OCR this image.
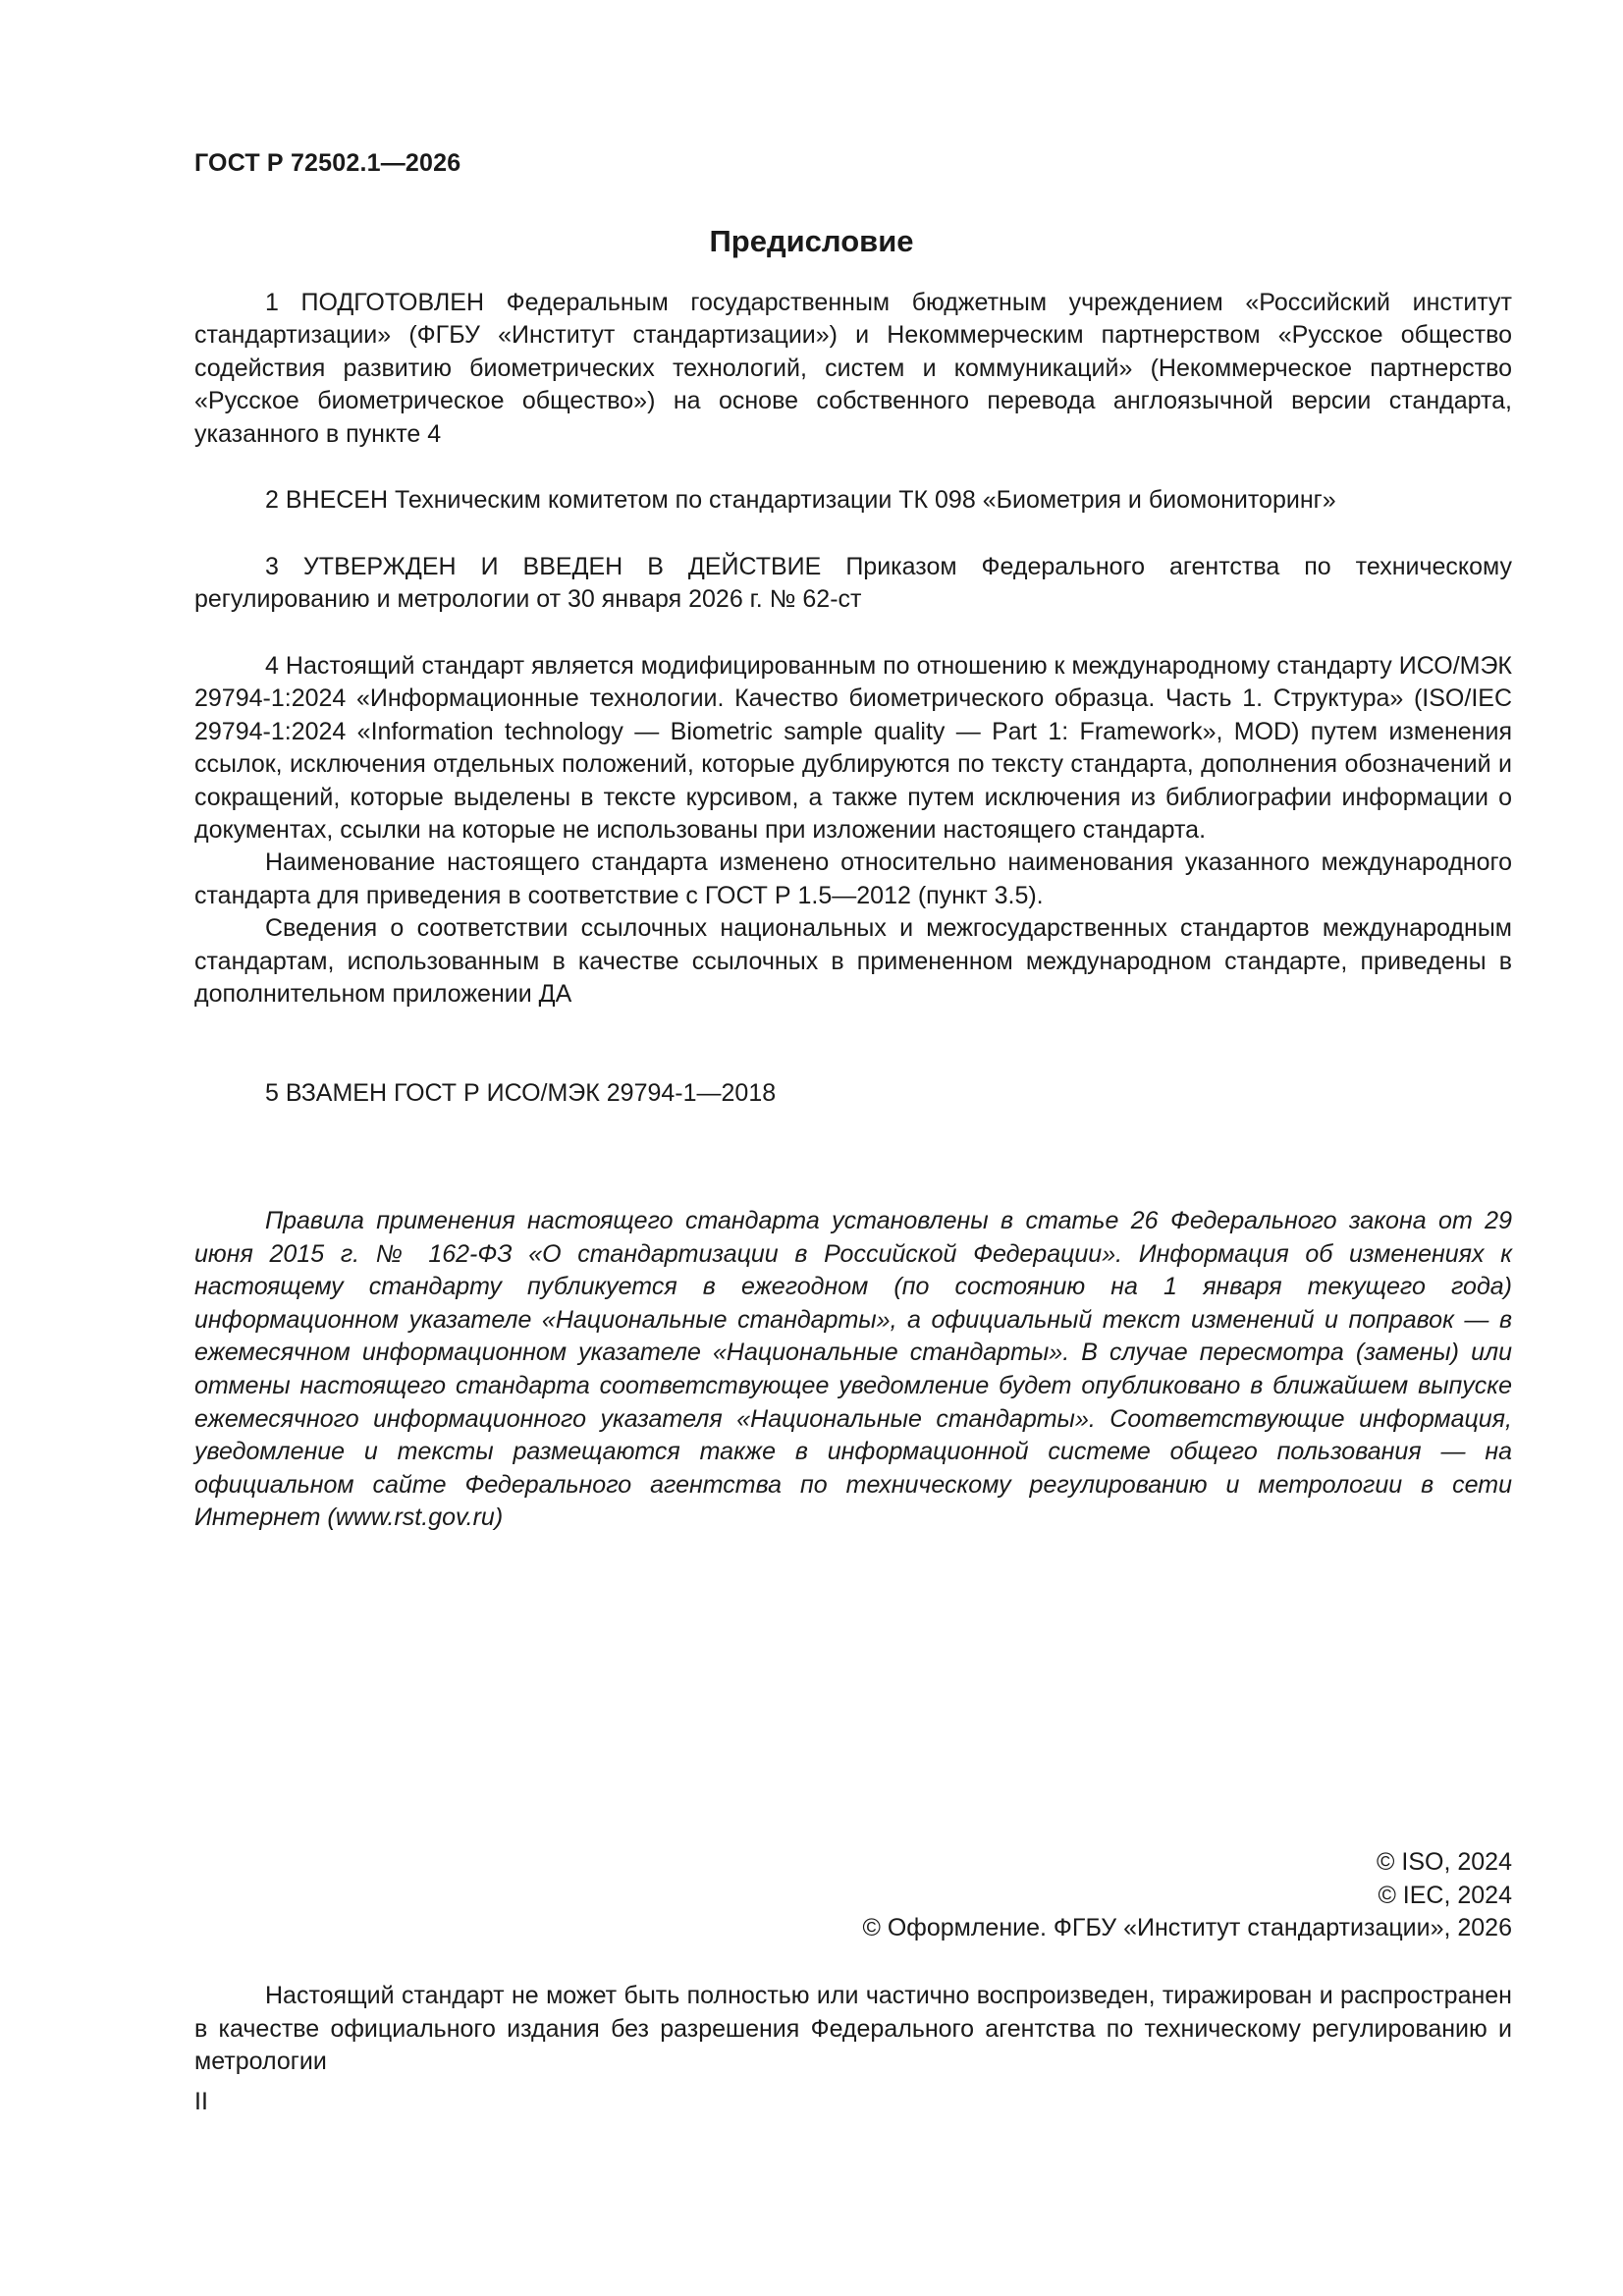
ГОСТ Р 72502.1—2026
Предисловие

1 ПОДГОТОВЛЕН Федеральным государственным бюджетным учреждением «Российский институт стандартизации» (ФГБУ «Институт стандартизации») и Некоммерческим партнерством «Русское общество содействия развитию биометрических технологий, систем и коммуникаций» (Некоммерческое партнерство «Русское биометрическое общество») на основе собственного перевода англоязычной версии стандарта, указанного в пункте 4

2 ВНЕСЕН Техническим комитетом по стандартизации ТК 098 «Биометрия и биомониторинг»

3 УТВЕРЖДЕН И ВВЕДЕН В ДЕЙСТВИЕ Приказом Федерального агентства по техническому регулированию и метрологии от 30 января 2026 г. № 62-ст

4 Настоящий стандарт является модифицированным по отношению к международному стандарту ИСО/МЭК 29794-1:2024 «Информационные технологии. Качество биометрического образца. Часть 1. Структура» (ISO/IEC 29794-1:2024 «Information technology — Biometric sample quality — Part 1: Framework», MOD) путем изменения ссылок, исключения отдельных положений, которые дублируются по тексту стандарта, дополнения обозначений и сокращений, которые выделены в тексте курсивом, а также путем исключения из библиографии информации о документах, ссылки на которые не использованы при изложении настоящего стандарта.

Наименование настоящего стандарта изменено относительно наименования указанного международного стандарта для приведения в соответствие с ГОСТ Р 1.5—2012 (пункт 3.5).

Сведения о соответствии ссылочных национальных и межгосударственных стандартов международным стандартам, использованным в качестве ссылочных в примененном международном стандарте, приведены в дополнительном приложении ДА

5 ВЗАМЕН ГОСТ Р ИСО/МЭК 29794-1—2018

Правила применения настоящего стандарта установлены в статье 26 Федерального закона от 29 июня 2015 г. № 162-ФЗ «О стандартизации в Российской Федерации». Информация об изменениях к настоящему стандарту публикуется в ежегодном (по состоянию на 1 января текущего года) информационном указателе «Национальные стандарты», а официальный текст изменений и поправок — в ежемесячном информационном указателе «Национальные стандарты». В случае пересмотра (замены) или отмены настоящего стандарта соответствующее уведомление будет опубликовано в ближайшем выпуске ежемесячного информационного указателя «Национальные стандарты». Соответствующие информация, уведомление и тексты размещаются также в информационной системе общего пользования — на официальном сайте Федерального агентства по техническому регулированию и метрологии в сети Интернет (www.rst.gov.ru)

© ISO, 2024
© IEC, 2024
© Оформление. ФГБУ «Институт стандартизации», 2026

Настоящий стандарт не может быть полностью или частично воспроизведен, тиражирован и распространен в качестве официального издания без разрешения Федерального агентства по техническому регулированию и метрологии

II
